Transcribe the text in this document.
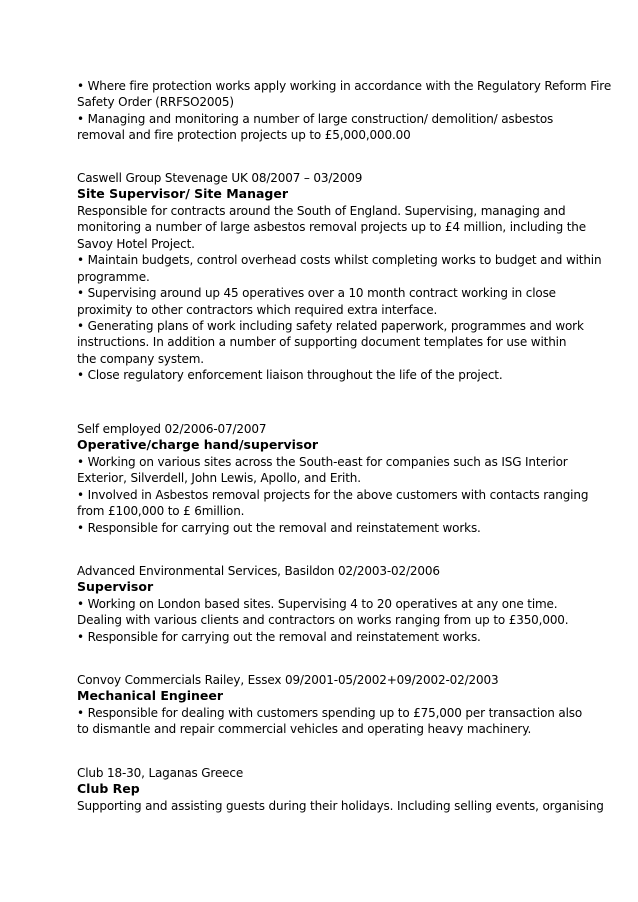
• Where fire protection works apply working in accordance with the Regulatory Reform Fire
Safety Order (RRFSO2005)
• Managing and monitoring a number of large construction/ demolition/ asbestos
removal and fire protection projects up to £5,000,000.00
Caswell Group Stevenage UK 08/2007 – 03/2009
Site Supervisor/ Site Manager
Responsible for contracts around the South of England. Supervising, managing and
monitoring a number of large asbestos removal projects up to £4 million, including the
Savoy Hotel Project.
• Maintain budgets, control overhead costs whilst completing works to budget and within
programme.
• Supervising around up 45 operatives over a 10 month contract working in close
proximity to other contractors which required extra interface.
• Generating plans of work including safety related paperwork, programmes and work
instructions. In addition a number of supporting document templates for use within
the company system.
• Close regulatory enforcement liaison throughout the life of the project.
Self employed 02/2006-07/2007
Operative/charge hand/supervisor
• Working on various sites across the South-east for companies such as ISG Interior
Exterior, Silverdell, John Lewis, Apollo, and Erith.
• Involved in Asbestos removal projects for the above customers with contacts ranging
from £100,000 to £ 6million.
• Responsible for carrying out the removal and reinstatement works.
Advanced Environmental Services, Basildon 02/2003-02/2006
Supervisor
• Working on London based sites. Supervising 4 to 20 operatives at any one time.
Dealing with various clients and contractors on works ranging from up to £350,000.
• Responsible for carrying out the removal and reinstatement works.
Convoy Commercials Railey, Essex 09/2001-05/2002+09/2002-02/2003
Mechanical Engineer
• Responsible for dealing with customers spending up to £75,000 per transaction also
to dismantle and repair commercial vehicles and operating heavy machinery.
Club 18-30, Laganas Greece
Club Rep
Supporting and assisting guests during their holidays. Including selling events, organising
